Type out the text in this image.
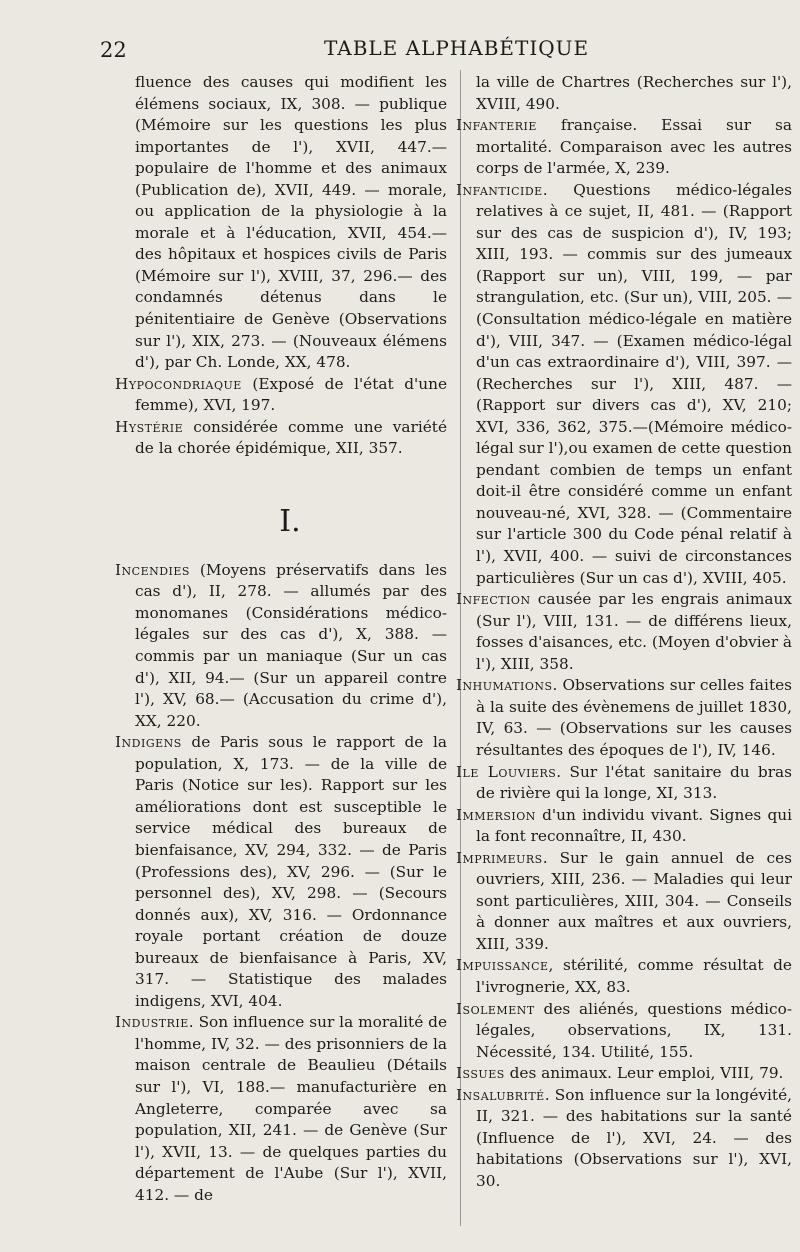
22	TABLE ALPHABÉTIQUE

fluence des causes qui modifient les élémens sociaux, IX, 308. — publique (Mémoire sur les questions les plus importantes de l'), XVII, 447.— populaire de l'homme et des animaux (Publication de), XVII, 449. — morale, ou application de la physiologie à la morale et à l'éducation, XVII, 454.— des hôpitaux et hospices civils de Paris (Mémoire sur l'), XVIII, 37, 296.— des condamnés détenus dans le pénitentiaire de Genève (Observations sur l'), XIX, 273. — (Nouveaux élémens d'), par Ch. Londe, XX, 478.

Hypocondriaque (Exposé de l'état d'une femme), XVI, 197.

Hystérie considérée comme une variété de la chorée épidémique, XII, 357.

I.

Incendies (Moyens préservatifs dans les cas d'), II, 278. — allumés par des monomanes (Considérations médico-légales sur des cas d'), X, 388. — commis par un maniaque (Sur un cas d'), XII, 94.— (Sur un appareil contre l'), XV, 68.— (Accusation du crime d'), XX, 220.

Indigens de Paris sous le rapport de la population, X, 173. — de la ville de Paris (Notice sur les). Rapport sur les améliorations dont est susceptible le service médical des bureaux de bienfaisance, XV, 294, 332. — de Paris (Professions des), XV, 296. — (Sur le personnel des), XV, 298. — (Secours donnés aux), XV, 316. — Ordonnance royale portant création de douze bureaux de bienfaisance à Paris, XV, 317. — Statistique des malades indigens, XVI, 404.

Industrie. Son influence sur la moralité de l'homme, IV, 32. — des prisonniers de la maison centrale de Beaulieu (Détails sur l'), VI, 188.— manufacturière en Angleterre, comparée avec sa population, XII, 241. — de Genève (Sur l'), XVII, 13. — de quelques parties du département de l'Aube (Sur l'), XVII, 412. — de

la ville de Chartres (Recherches sur l'), XVIII, 490.

Infanterie française. Essai sur sa mortalité. Comparaison avec les autres corps de l'armée, X, 239.

Infanticide. Questions médico-légales relatives à ce sujet, II, 481. — (Rapport sur des cas de suspicion d'), IV, 193; XIII, 193. — commis sur des jumeaux (Rapport sur un), VIII, 199, — par strangulation, etc. (Sur un), VIII, 205. — (Consultation médico-légale en matière d'), VIII, 347. — (Examen médico-légal d'un cas extraordinaire d'), VIII, 397. — (Recherches sur l'), XIII, 487. — (Rapport sur divers cas d'), XV, 210; XVI, 336, 362, 375.—(Mémoire médico-légal sur l'),ou examen de cette question pendant combien de temps un enfant doit-il être considéré comme un enfant nouveau-né, XVI, 328. — (Commentaire sur l'article 300 du Code pénal relatif à l'), XVII, 400. — suivi de circonstances particulières (Sur un cas d'), XVIII, 405.

Infection causée par les engrais animaux (Sur l'), VIII, 131. — de différens lieux, fosses d'aisances, etc. (Moyen d'obvier à l'), XIII, 358.

Inhumations. Observations sur celles faites à la suite des évènemens de juillet 1830, IV, 63. — (Observations sur les causes résultantes des époques de l'), IV, 146.

Ile Louviers. Sur l'état sanitaire du bras de rivière qui la longe, XI, 313.

Immersion d'un individu vivant. Signes qui la font reconnaître, II, 430.

Imprimeurs. Sur le gain annuel de ces ouvriers, XIII, 236. — Maladies qui leur sont particulières, XIII, 304. — Conseils à donner aux maîtres et aux ouvriers, XIII, 339.

Impuissance, stérilité, comme résultat de l'ivrognerie, XX, 83.

Isolement des aliénés, questions médico-légales, observations, IX, 131. Nécessité, 134. Utilité, 155.

Issues des animaux. Leur emploi, VIII, 79.

Insalubrité. Son influence sur la longévité, II, 321. — des habitations sur la santé (Influence de l'), XVI, 24. — des habitations (Observations sur l'), XVI, 30.
